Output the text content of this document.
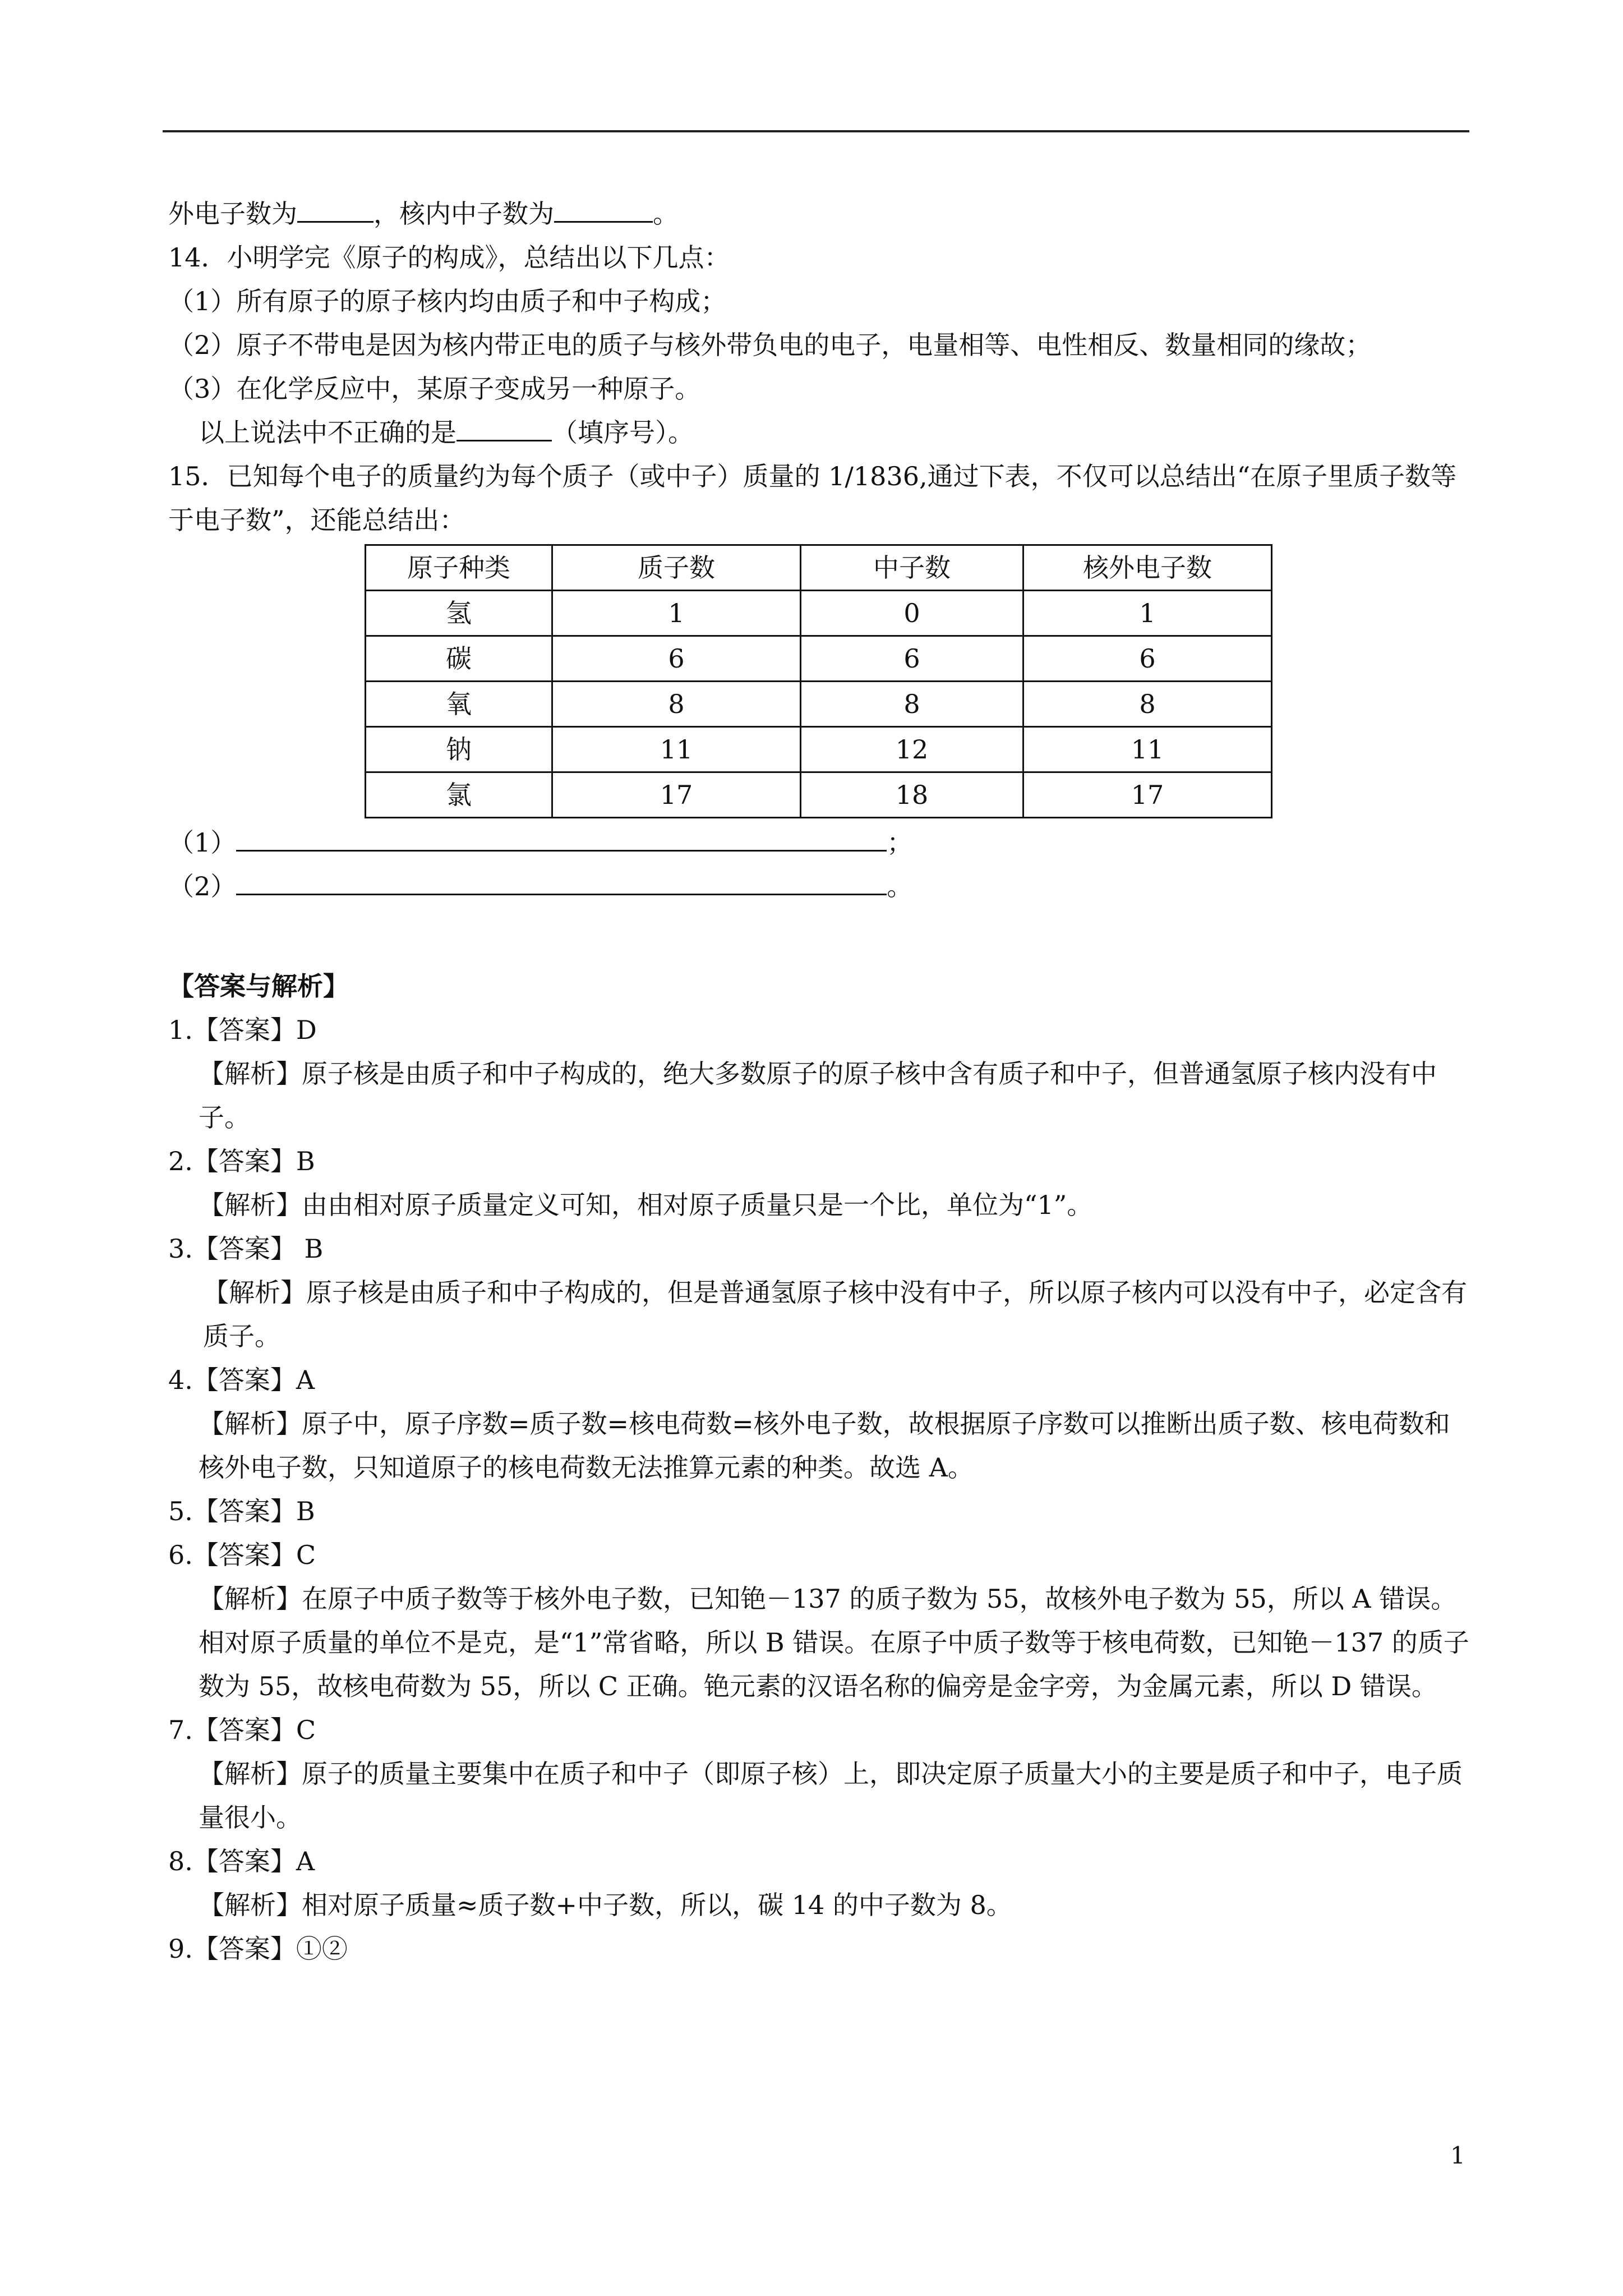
外电子数为	，核内中子数为	。
14．小明学完《原子的构成》，总结出以下几点：
（1）所有原子的原子核内均由质子和中子构成；
（2）原子不带电是因为核内带正电的质子与核外带负电的电子，电量相等、电性相反、数量相同的缘故；
（3）在化学反应中，某原子变成另一种原子。
以上说法中不正确的是	（填序号）。
15．已知每个电子的质量约为每个质子（或中子）质量的 1/1836,通过下表，不仅可以总结出“在原子里质子数等于电子数”，还能总结出：
原子种类	质子数	中子数	核外电子数
氢	1	0	1
碳	6	6	6
氧	8	8	8
钠	11	12	11
氯	17	18	17
（1）	；
（2）	。
【答案与解析】
1.【答案】D
【解析】原子核是由质子和中子构成的，绝大多数原子的原子核中含有质子和中子，但普通氢原子核内没有中子。
2.【答案】B
【解析】由由相对原子质量定义可知，相对原子质量只是一个比，单位为“1”。
3.【答案】 B
【解析】原子核是由质子和中子构成的，但是普通氢原子核中没有中子，所以原子核内可以没有中子，必定含有质子。
4.【答案】A
【解析】原子中，原子序数=质子数=核电荷数=核外电子数，故根据原子序数可以推断出质子数、核电荷数和核外电子数，只知道原子的核电荷数无法推算元素的种类。故选 A。
5.【答案】B
6.【答案】C
【解析】在原子中质子数等于核外电子数，已知铯－137 的质子数为 55，故核外电子数为 55，所以 A 错误。相对原子质量的单位不是克，是“1”常省略，所以 B 错误。在原子中质子数等于核电荷数，已知铯－137 的质子数为 55，故核电荷数为 55，所以 C 正确。铯元素的汉语名称的偏旁是金字旁，为金属元素，所以 D 错误。
7.【答案】C
【解析】原子的质量主要集中在质子和中子（即原子核）上，即决定原子质量大小的主要是质子和中子，电子质量很小。
8.【答案】A
【解析】相对原子质量≈质子数+中子数，所以，碳 14 的中子数为 8。
9.【答案】①②
1
